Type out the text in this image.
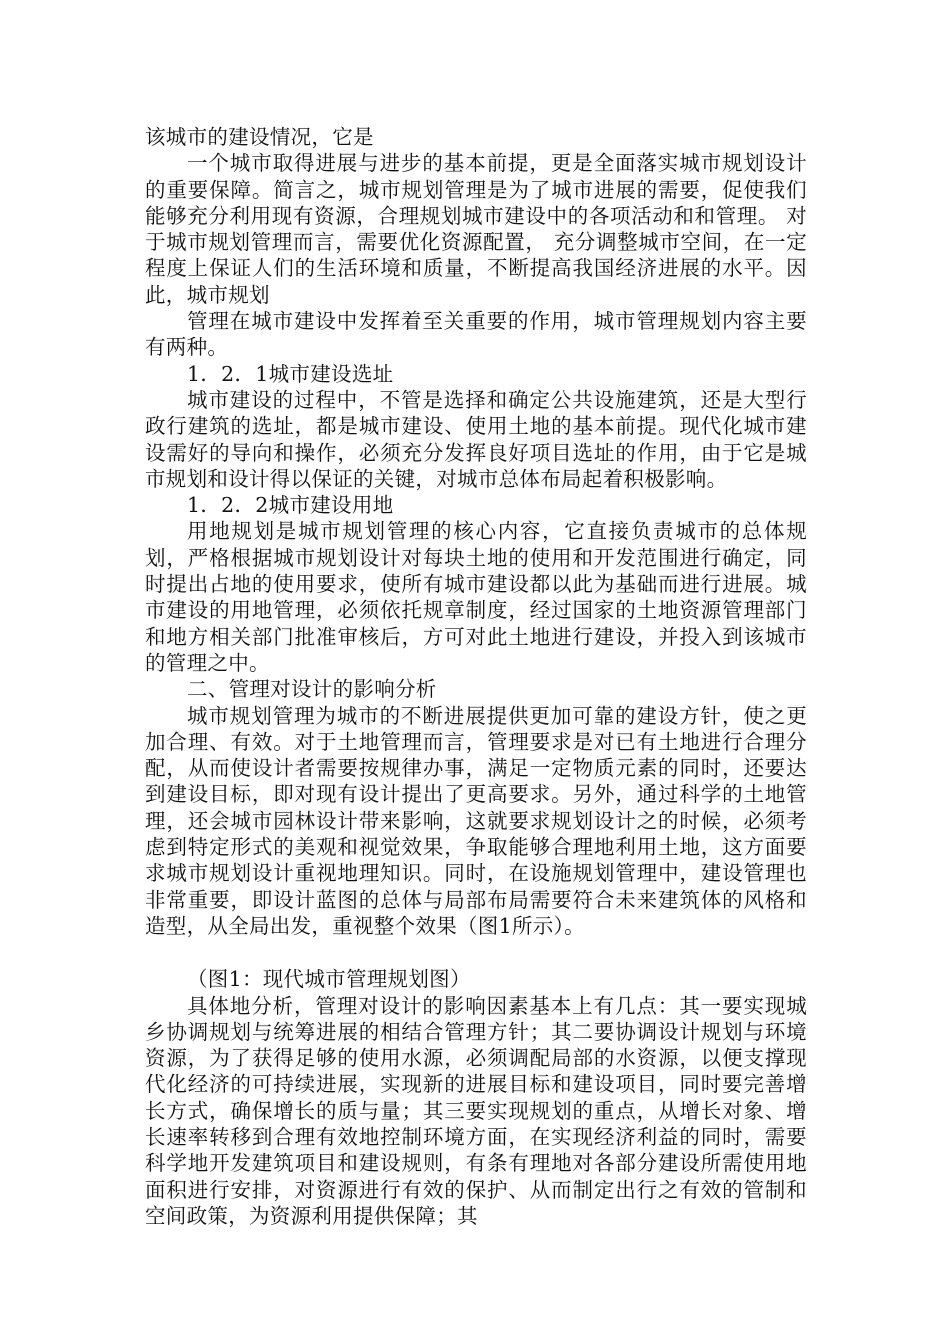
该城市的建设情况，它是

一个城市取得进展与进步的基本前提，更是全面落实城市规划设计的重要保障。简言之，城市规划管理是为了城市进展的需要，促使我们能够充分利用现有资源，合理规划城市建设中的各项活动和和管理。 对于城市规划管理而言，需要优化资源配置， 充分调整城市空间，在一定程度上保证人们的生活环境和质量，不断提高我国经济进展的水平。因此，城市规划

管理在城市建设中发挥着至关重要的作用，城市管理规划内容主要有两种。

1．2．1城市建设选址

城市建设的过程中，不管是选择和确定公共设施建筑，还是大型行政行建筑的选址，都是城市建设、使用土地的基本前提。现代化城市建设需好的导向和操作，必须充分发挥良好项目选址的作用，由于它是城市规划和设计得以保证的关键，对城市总体布局起着积极影响。

1．2．2城市建设用地

用地规划是城市规划管理的核心内容，它直接负责城市的总体规划，严格根据城市规划设计对每块土地的使用和开发范围进行确定，同时提出占地的使用要求，使所有城市建设都以此为基础而进行进展。城市建设的用地管理，必须依托规章制度，经过国家的土地资源管理部门和地方相关部门批准审核后，方可对此土地进行建设，并投入到该城市的管理之中。

二、管理对设计的影响分析

城市规划管理为城市的不断进展提供更加可靠的建设方针，使之更加合理、有效。对于土地管理而言，管理要求是对已有土地进行合理分配，从而使设计者需要按规律办事，满足一定物质元素的同时，还要达到建设目标，即对现有设计提出了更高要求。另外，通过科学的土地管理，还会城市园林设计带来影响，这就要求规划设计之的时候，必须考虑到特定形式的美观和视觉效果，争取能够合理地利用土地，这方面要求城市规划设计重视地理知识。同时，在设施规划管理中，建设管理也非常重要，即设计蓝图的总体与局部布局需要符合未来建筑体的风格和造型，从全局出发，重视整个效果（图1所示）。

（图1：现代城市管理规划图）

具体地分析，管理对设计的影响因素基本上有几点：其一要实现城乡协调规划与统筹进展的相结合管理方针；其二要协调设计规划与环境资源，为了获得足够的使用水源，必须调配局部的水资源，以便支撑现代化经济的可持续进展，实现新的进展目标和建设项目，同时要完善增长方式，确保增长的质与量；其三要实现规划的重点，从增长对象、增长速率转移到合理有效地控制环境方面，在实现经济利益的同时，需要科学地开发建筑项目和建设规则，有条有理地对各部分建设所需使用地面积进行安排，对资源进行有效的保护、从而制定出行之有效的管制和空间政策，为资源利用提供保障；其
